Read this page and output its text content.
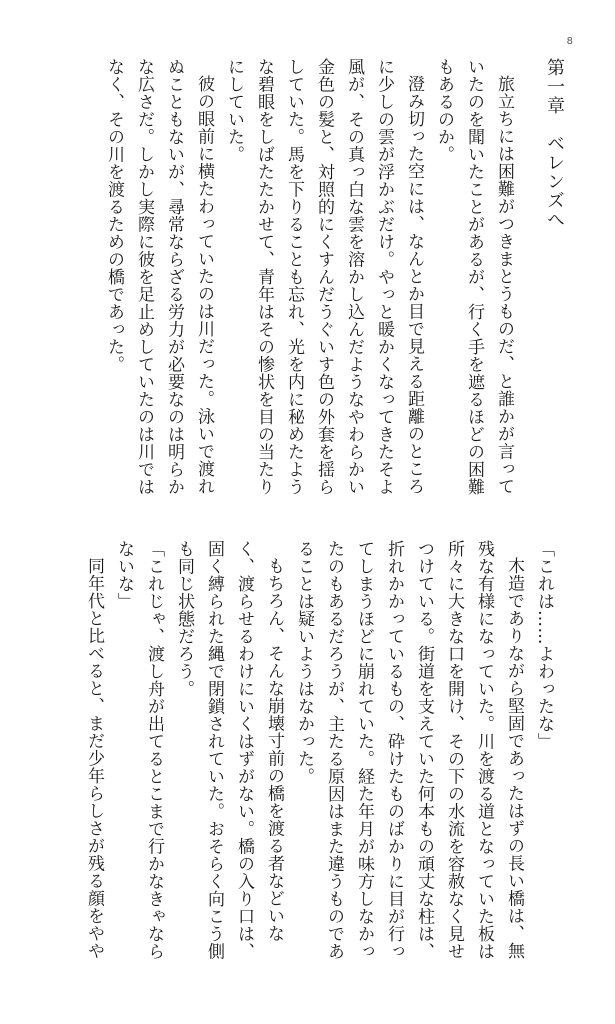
8
第一章　ベレンズへ

旅立ちには困難がつきまとうものだ、と誰かが言っていたのを聞いたことがあるが、行く手を遮るほどの困難もあるのか。

澄み切った空には、なんとか目で見える距離のところに少しの雲が浮かぶだけ。やっと暖かくなってきたそよ風が、その真っ白な雲を溶かし込んだようなやわらかい金色の髪と、対照的にくすんだうぐいす色の外套を揺らしていた。馬を下りることも忘れ、光を内に秘めたような碧眼をしばたたかせて、青年はその惨状を目の当たりにしていた。

彼の眼前に横たわっていたのは川だった。泳いで渡れぬこともないが、尋常ならざる労力が必要なのは明らかな広さだ。しかし実際に彼を足止めしていたのは川ではなく、その川を渡るための橋であった。

「これは……よわったな」

木造でありながら堅固であったはずの長い橋は、無残な有様になっていた。川を渡る道となっていた板は所々に大きな口を開け、その下の水流を容赦なく見せつけている。街道を支えていた何本もの頑丈な柱は、折れかかっているもの、砕けたものばかりに目が行ってしまうほどに崩れていた。経た年月が味方しなかったのもあるだろうが、主たる原因はまた違うものであることは疑いようはなかった。

もちろん、そんな崩壊寸前の橋を渡る者などいなく、渡らせるわけにいくはずがない。橋の入り口は、固く縛られた縄で閉鎖されていた。おそらく向こう側も同じ状態だろう。

「これじゃ、渡し舟が出てるとこまで行かなきゃならないな」

同年代と比べると、まだ少年らしさが残る顔をやや
